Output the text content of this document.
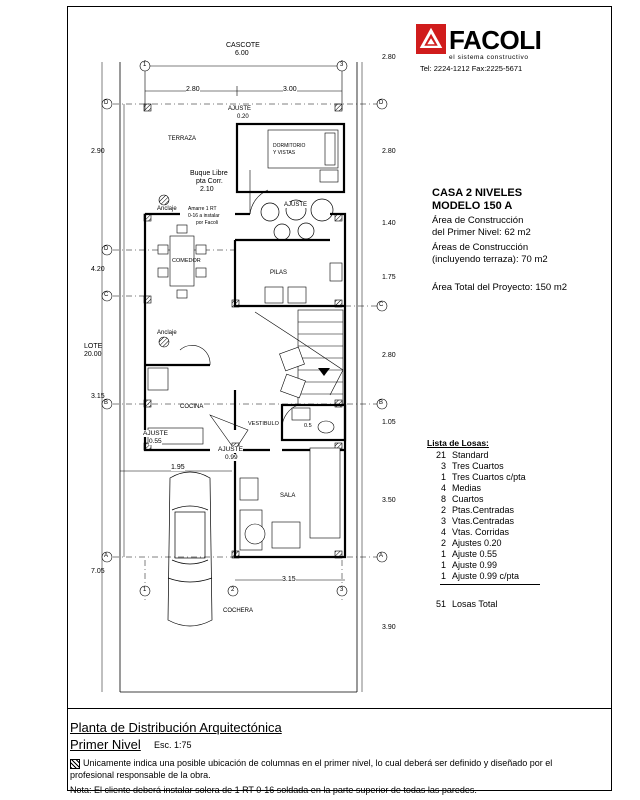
D	D
D
C
C
B	B
A	A
1	3
1	2	3
CASCOTE
6.00
2.80	3.00
TERRAZA
AJUSTE
0.20
DORMITORIO
Y VISTAS
Buque Libre
pta Corr.
2.10
Anclaje Amarre 1 RT
0-16 a instalar
por Facoli
AJUSTE
COMEDOR
PILAS
Anclaje
COCINA
VESTIBULO	0.5
AJUSTE
0.55
AJUSTE
0.99
SALA
COCHERA
LOTE
20.00
2.90
4.20
3.15
7.05
1.95
3.15
2.80
2.80
1.40
1.75
2.80
1.05
3.50
3.90
FACOLI
el sistema constructivo
Tel: 2224-1212 Fax:2225-5671
CASA 2 NIVELES
MODELO 150 A
Área de Construcción
del Primer Nivel: 62 m2
Áreas de Construcción
(incluyendo terraza): 70 m2
Área Total del Proyecto: 150 m2
Lista de Losas:
21 Standard
3 Tres Cuartos
1 Tres Cuartos c/pta
4 Medias
8 Cuartos
2 Ptas.Centradas
3 Vtas.Centradas
4 Vtas. Corridas
2 Ajustes 0.20
1 Ajuste 0.55
1 Ajuste 0.99
1 Ajuste 0.99 c/pta
51 Losas Total
Planta de Distribución Arquitectónica
Primer Nivel Esc. 1:75
Unicamente indica una posible ubicación de columnas en el primer nivel, lo cual deberá ser definido y diseñado por el profesional responsable de la obra.
Nota: El cliente deberá instalar solera de 1 RT 0-16 soldada en la parte superior de todas las paredes.
